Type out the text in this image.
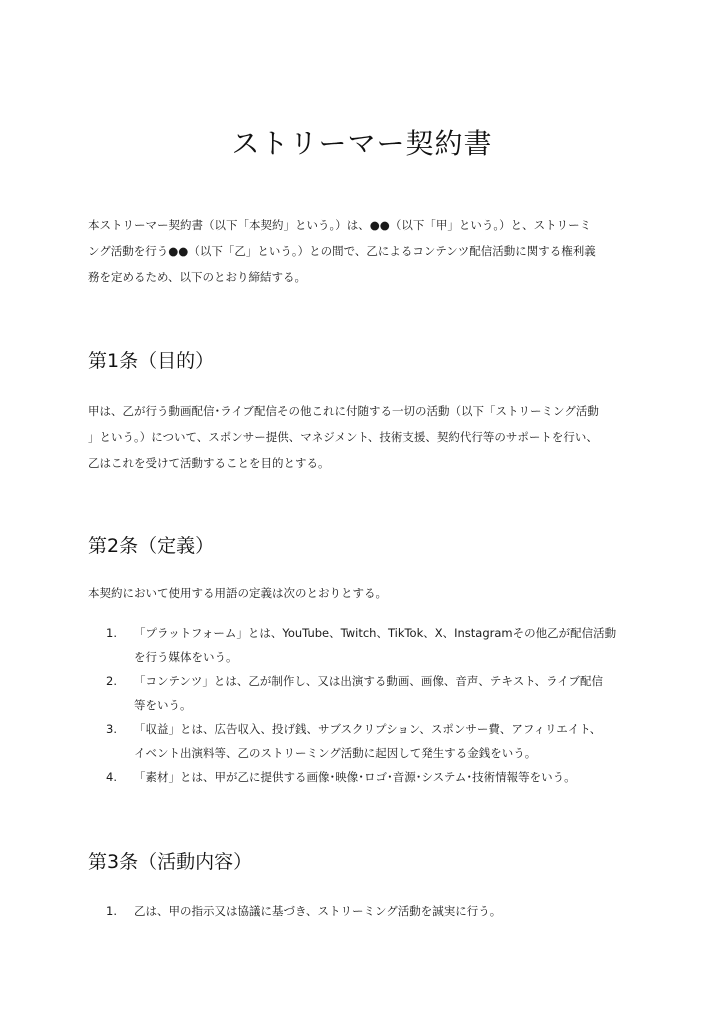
ストリーマー契約書
本ストリーマー契約書（以下「本契約」という。）は、●●（以下「甲」という。）と、ストリーミ
ング活動を行う●●（以下「乙」という。）との間で、乙によるコンテンツ配信活動に関する権利義
務を定めるため、以下のとおり締結する。
第1条（目的）
甲は、乙が行う動画配信･ライブ配信その他これに付随する一切の活動（以下「ストリーミング活動
」という。）について、スポンサー提供、マネジメント、技術支援、契約代行等のサポートを行い、
乙はこれを受けて活動することを目的とする。
第2条（定義）
本契約において使用する用語の定義は次のとおりとする。
1. 「プラットフォーム」とは、YouTube、Twitch、TikTok、X、Instagramその他乙が配信活動
を行う媒体をいう。
2. 「コンテンツ」とは、乙が制作し、又は出演する動画、画像、音声、テキスト、ライブ配信
等をいう。
3. 「収益」とは、広告収入、投げ銭、サブスクリプション、スポンサー費、アフィリエイト、
イベント出演料等、乙のストリーミング活動に起因して発生する金銭をいう。
4. 「素材」とは、甲が乙に提供する画像･映像･ロゴ･音源･システム･技術情報等をいう。
第3条（活動内容）
1. 乙は、甲の指示又は協議に基づき、ストリーミング活動を誠実に行う。
